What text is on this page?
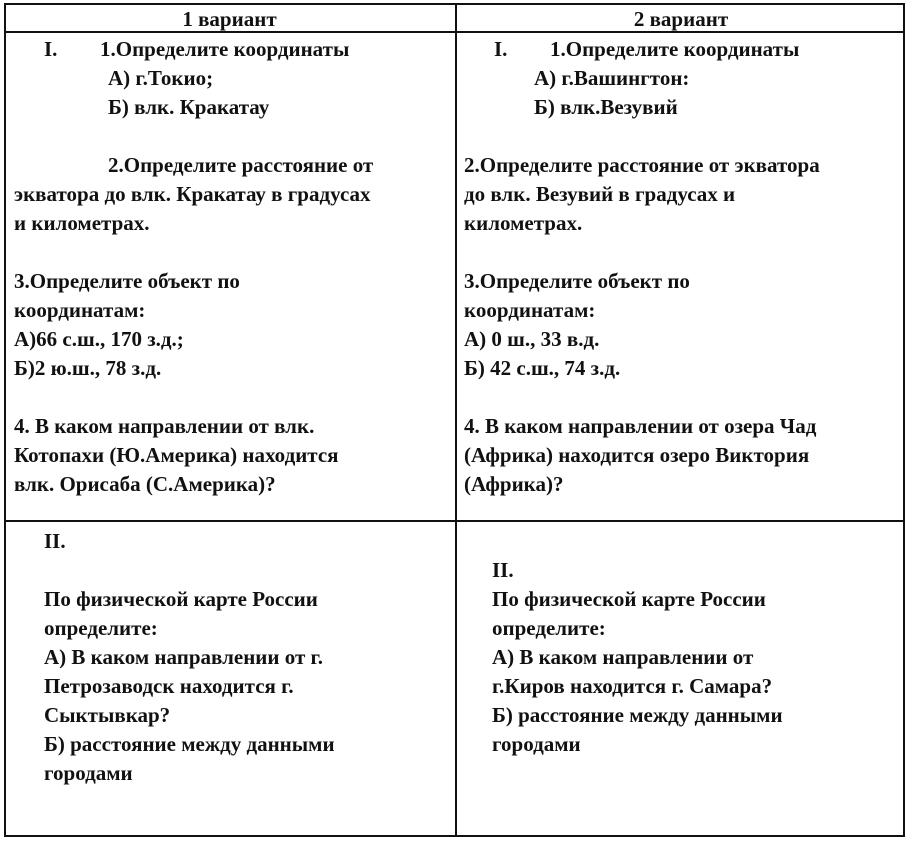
1 вариант	2 вариант
I. 1.Определите координаты
А) г.Токио;
Б) влк. Кракатау
2.Определите расстояние от
экватора до влк. Кракатау в градусах
и километрах.
3.Определите объект по
координатам:
А)66 с.ш., 170 з.д.;
Б)2 ю.ш., 78 з.д.
4. В каком направлении от влк.
Котопахи (Ю.Америка) находится
влк. Орисаба (С.Америка)?
I. 1.Определите координаты
А) г.Вашингтон:
Б) влк.Везувий
2.Определите расстояние от экватора
до влк. Везувий в градусах и
километрах.
3.Определите объект по
координатам:
А) 0 ш., 33 в.д.
Б) 42 с.ш., 74 з.д.
4. В каком направлении от озера Чад
(Африка) находится озеро Виктория
(Африка)?
II.
По физической карте России
определите:
А) В каком направлении от г.
Петрозаводск находится г.
Сыктывкар?
Б) расстояние между данными
городами
II.
По физической карте России
определите:
А) В каком направлении от
г.Киров находится г. Самара?
Б) расстояние между данными
городами
